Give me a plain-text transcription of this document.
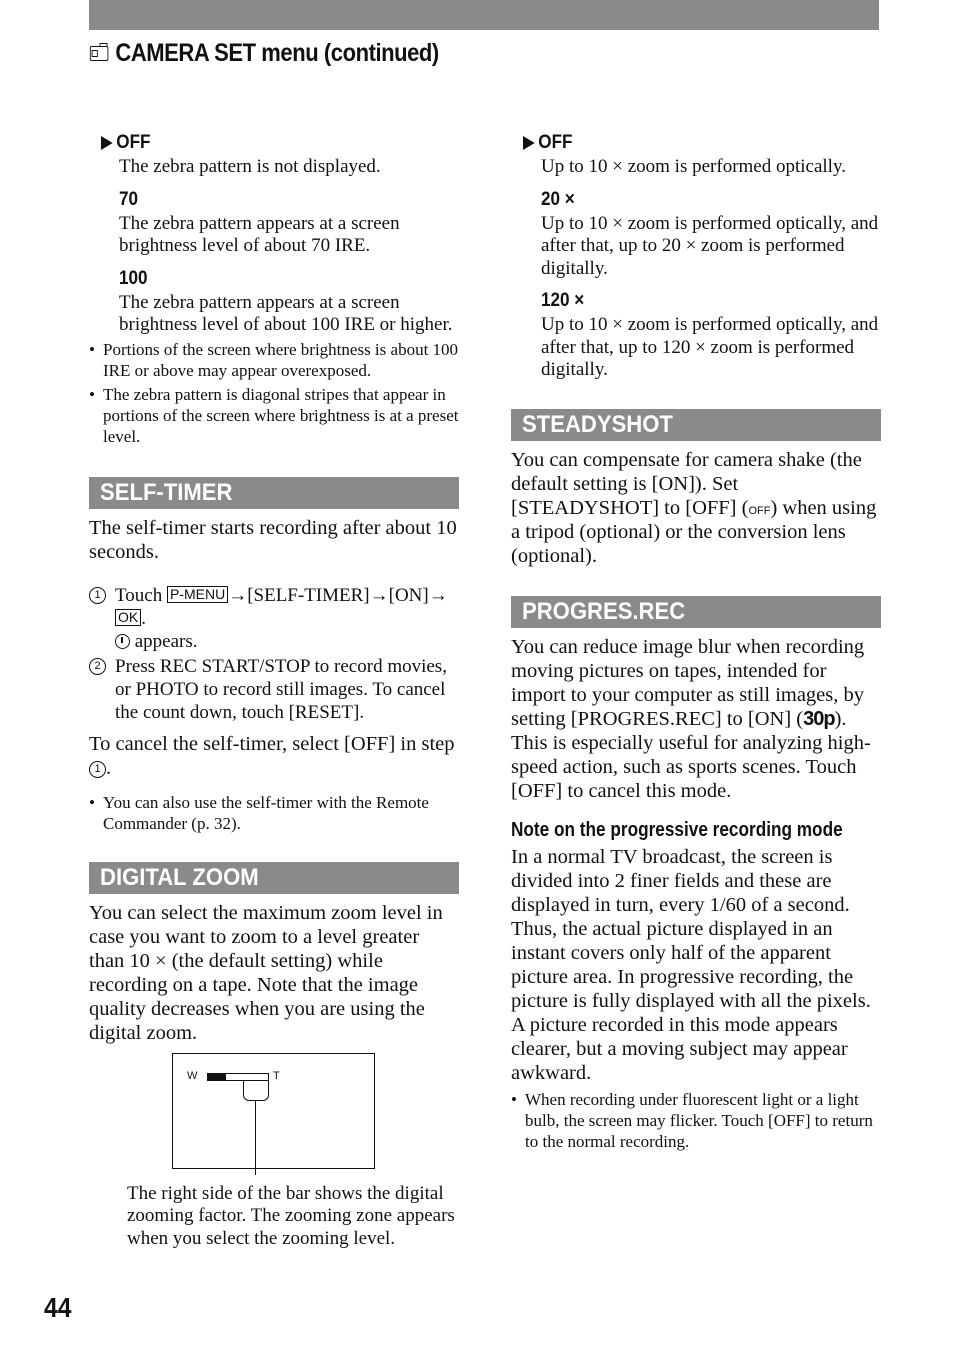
CAMERA SET menu (continued)
OFF
The zebra pattern is not displayed.
70
The zebra pattern appears at a screen brightness level of about 70 IRE.
100
The zebra pattern appears at a screen brightness level of about 100 IRE or higher.
• Portions of the screen where brightness is about 100 IRE or above may appear overexposed.
• The zebra pattern is diagonal stripes that appear in portions of the screen where brightness is at a preset level.
SELF-TIMER
The self-timer starts recording after about 10 seconds.
1 Touch P-MENU →[SELF-TIMER]→[ON]→ OK .
appears.
2 Press REC START/STOP to record movies, or PHOTO to record still images. To cancel the count down, touch [RESET].
To cancel the self-timer, select [OFF] in step 1 .
• You can also use the self-timer with the Remote Commander (p. 32).
DIGITAL ZOOM
You can select the maximum zoom level in case you want to zoom to a level greater than 10 × (the default setting) while recording on a tape. Note that the image quality decreases when you are using the digital zoom.
W	T
The right side of the bar shows the digital zooming factor. The zooming zone appears when you select the zooming level.
OFF
Up to 10 × zoom is performed optically.
20 ×
Up to 10 × zoom is performed optically, and after that, up to 20 × zoom is performed digitally.
120 ×
Up to 10 × zoom is performed optically, and after that, up to 120 × zoom is performed digitally.
STEADYSHOT
You can compensate for camera shake (the default setting is [ON]). Set [STEADYSHOT] to [OFF] (OFF) when using a tripod (optional) or the conversion lens (optional).
PROGRES.REC
You can reduce image blur when recording moving pictures on tapes, intended for import to your computer as still images, by setting [PROGRES.REC] to [ON] (30p). This is especially useful for analyzing high-speed action, such as sports scenes. Touch [OFF] to cancel this mode.
Note on the progressive recording mode
In a normal TV broadcast, the screen is divided into 2 finer fields and these are displayed in turn, every 1/60 of a second. Thus, the actual picture displayed in an instant covers only half of the apparent picture area. In progressive recording, the picture is fully displayed with all the pixels. A picture recorded in this mode appears clearer, but a moving subject may appear awkward.
• When recording under fluorescent light or a light bulb, the screen may flicker. Touch [OFF] to return to the normal recording.
44
